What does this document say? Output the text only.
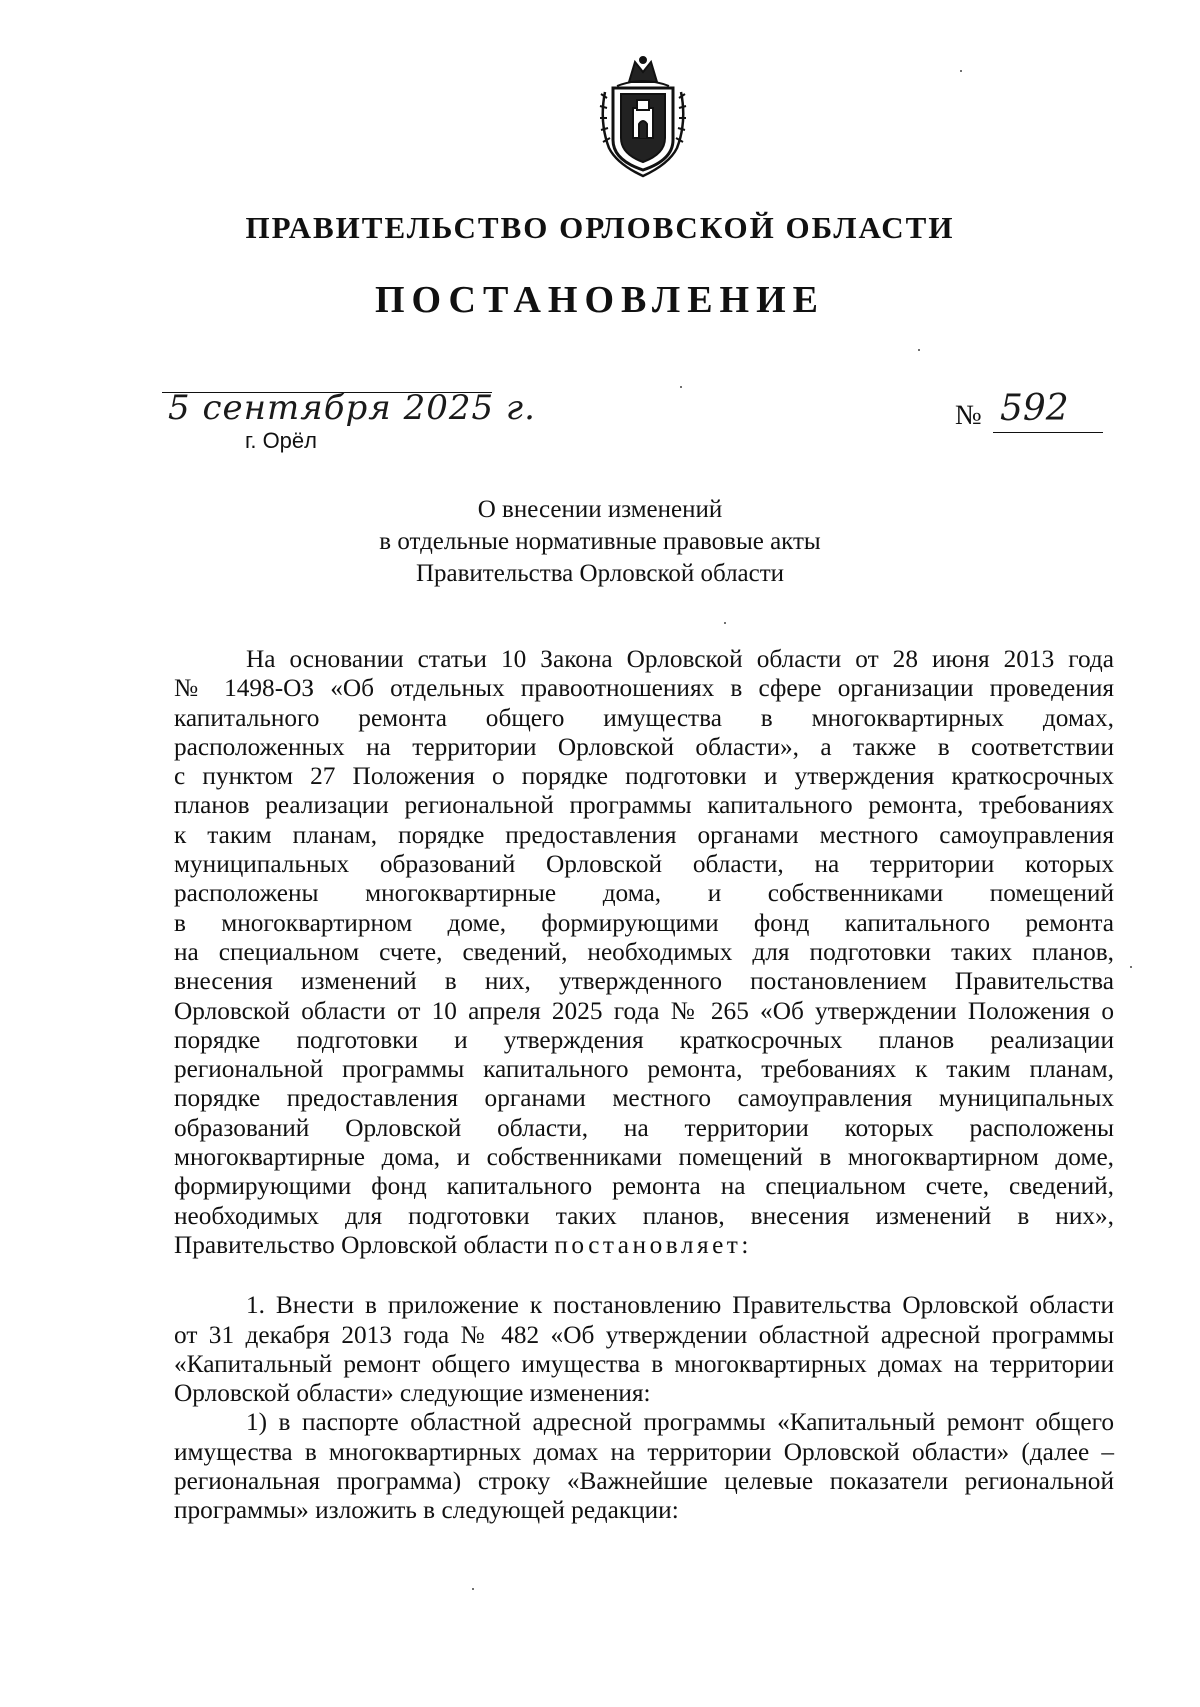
ПРАВИТЕЛЬСТВО ОРЛОВСКОЙ ОБЛАСТИ
ПОСТАНОВЛЕНИЕ
5 сентября 2025 г.
г. Орёл
№ 592
О внесении изменений
в отдельные нормативные правовые акты
Правительства Орловской области
На основании статьи 10 Закона Орловской области от 28 июня 2013 года
№ 1498-ОЗ «Об отдельных правоотношениях в сфере организации проведения
капитального ремонта общего имущества в многоквартирных домах,
расположенных на территории Орловской области», а также в соответствии
с пунктом 27 Положения о порядке подготовки и утверждения краткосрочных
планов реализации региональной программы капитального ремонта, требованиях
к таким планам, порядке предоставления органами местного самоуправления
муниципальных образований Орловской области, на территории которых
расположены многоквартирные дома, и собственниками помещений
в многоквартирном доме, формирующими фонд капитального ремонта
на специальном счете, сведений, необходимых для подготовки таких планов,
внесения изменений в них, утвержденного постановлением Правительства
Орловской области от 10 апреля 2025 года № 265 «Об утверждении Положения о
порядке подготовки и утверждения краткосрочных планов реализации
региональной программы капитального ремонта, требованиях к таким планам,
порядке предоставления органами местного самоуправления муниципальных
образований Орловской области, на территории которых расположены
многоквартирные дома, и собственниками помещений в многоквартирном доме,
формирующими фонд капитального ремонта на специальном счете, сведений,
необходимых для подготовки таких планов, внесения изменений в них»,
Правительство Орловской области постановляет:
1. Внести в приложение к постановлению Правительства Орловской области
от 31 декабря 2013 года № 482 «Об утверждении областной адресной программы
«Капитальный ремонт общего имущества в многоквартирных домах на территории
Орловской области» следующие изменения:
1) в паспорте областной адресной программы «Капитальный ремонт общего
имущества в многоквартирных домах на территории Орловской области» (далее –
региональная программа) строку «Важнейшие целевые показатели региональной
программы» изложить в следующей редакции:
